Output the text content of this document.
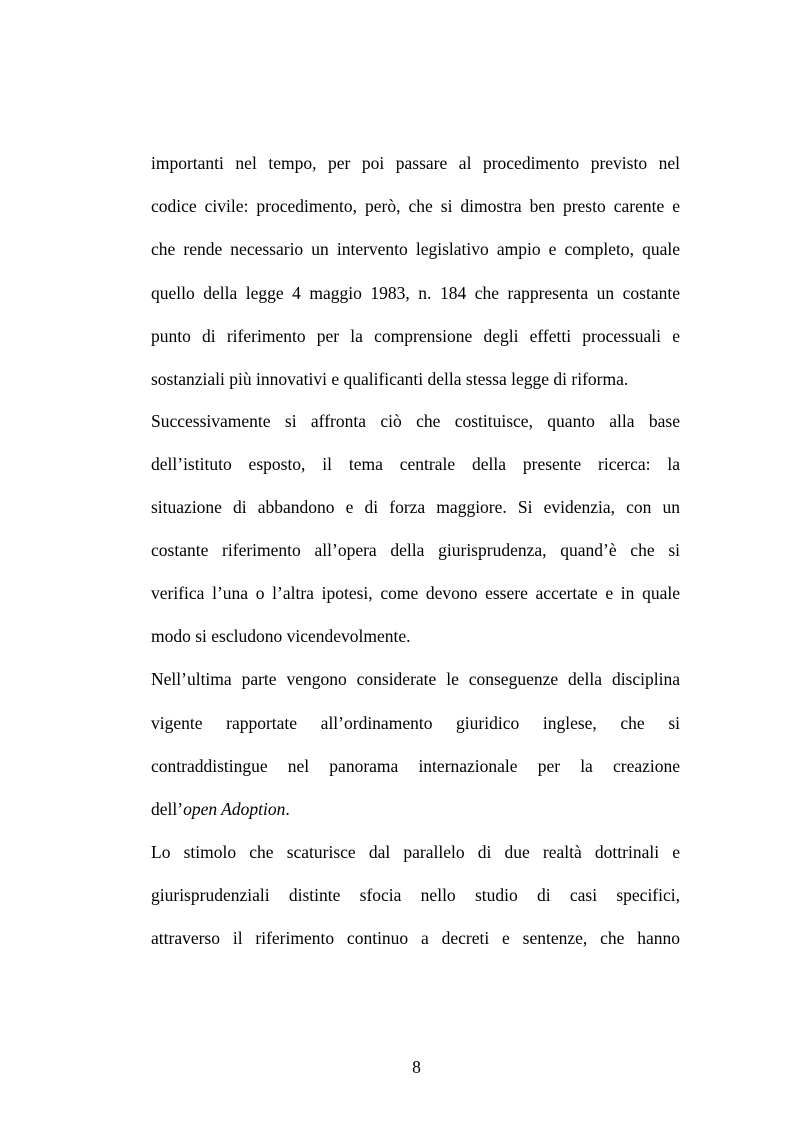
importanti nel tempo, per poi passare al procedimento previsto nel
codice civile: procedimento, però, che si dimostra ben presto carente e
che rende necessario un intervento legislativo ampio e completo, quale
quello della legge 4 maggio 1983, n. 184 che rappresenta un costante
punto di riferimento per la comprensione degli effetti processuali e
sostanziali più innovativi e qualificanti della stessa legge di riforma.
Successivamente si affronta ciò che costituisce, quanto alla base
dell’istituto esposto, il tema centrale della presente ricerca: la
situazione di abbandono e di forza maggiore. Si evidenzia, con un
costante riferimento all’opera della giurisprudenza, quand’è che si
verifica l’una o l’altra ipotesi, come devono essere accertate e in quale
modo si escludono vicendevolmente.
Nell’ultima parte vengono considerate le conseguenze della disciplina
vigente rapportate all’ordinamento giuridico inglese, che si
contraddistingue nel panorama internazionale per la creazione
dell’open Adoption.
Lo stimolo che scaturisce dal parallelo di due realtà dottrinali e
giurisprudenziali distinte sfocia nello studio di casi specifici,
attraverso il riferimento continuo a decreti e sentenze, che hanno
8
